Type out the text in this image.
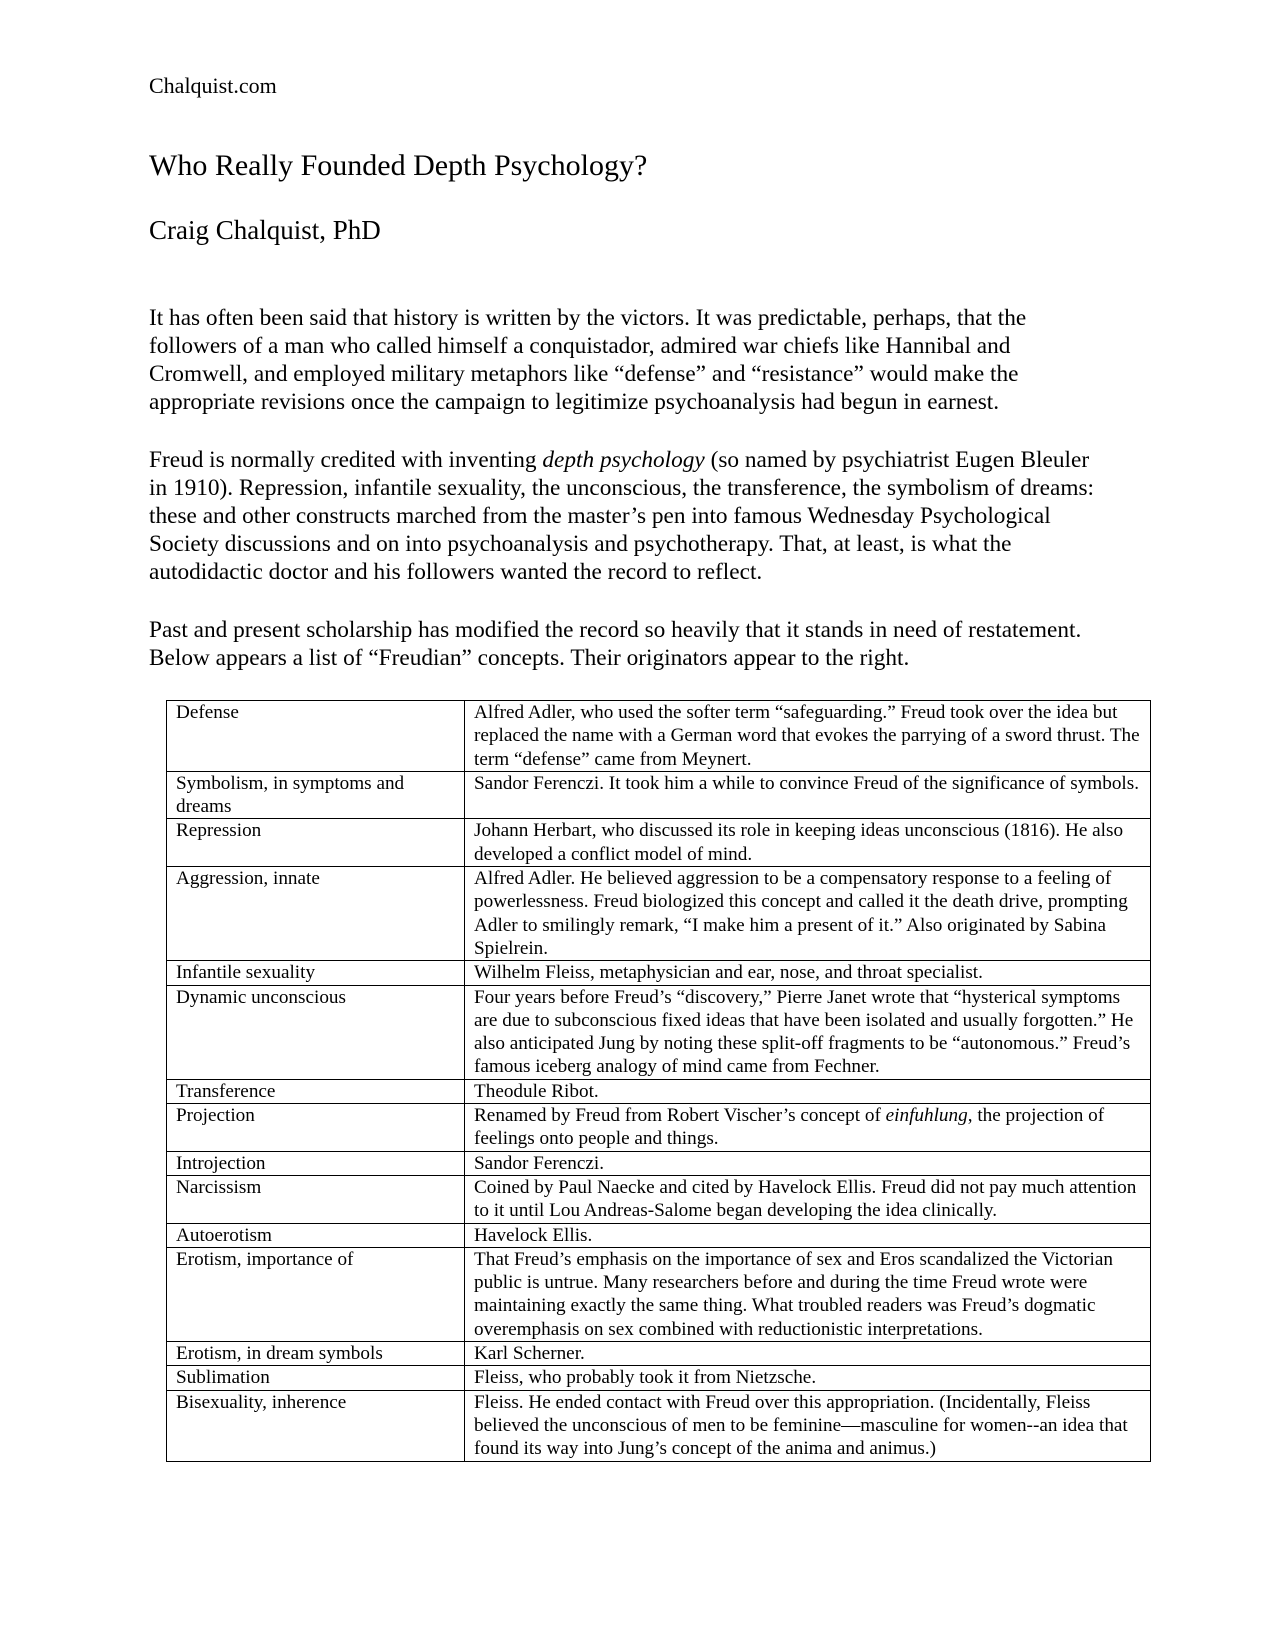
Chalquist.com

Who Really Founded Depth Psychology?

Craig Chalquist, PhD

It has often been said that history is written by the victors. It was predictable, perhaps, that the followers of a man who called himself a conquistador, admired war chiefs like Hannibal and Cromwell, and employed military metaphors like “defense” and “resistance” would make the appropriate revisions once the campaign to legitimize psychoanalysis had begun in earnest.

Freud is normally credited with inventing depth psychology (so named by psychiatrist Eugen Bleuler in 1910). Repression, infantile sexuality, the unconscious, the transference, the symbolism of dreams: these and other constructs marched from the master’s pen into famous Wednesday Psychological Society discussions and on into psychoanalysis and psychotherapy. That, at least, is what the autodidactic doctor and his followers wanted the record to reflect.

Past and present scholarship has modified the record so heavily that it stands in need of restatement. Below appears a list of “Freudian” concepts. Their originators appear to the right.

Defense	Alfred Adler, who used the softer term “safeguarding.” Freud took over the idea but replaced the name with a German word that evokes the parrying of a sword thrust. The term “defense” came from Meynert.
Symbolism, in symptoms and dreams	Sandor Ferenczi. It took him a while to convince Freud of the significance of symbols.
Repression	Johann Herbart, who discussed its role in keeping ideas unconscious (1816). He also developed a conflict model of mind.
Aggression, innate	Alfred Adler. He believed aggression to be a compensatory response to a feeling of powerlessness. Freud biologized this concept and called it the death drive, prompting Adler to smilingly remark, “I make him a present of it.” Also originated by Sabina Spielrein.
Infantile sexuality	Wilhelm Fleiss, metaphysician and ear, nose, and throat specialist.
Dynamic unconscious	Four years before Freud’s “discovery,” Pierre Janet wrote that “hysterical symptoms are due to subconscious fixed ideas that have been isolated and usually forgotten.” He also anticipated Jung by noting these split-off fragments to be “autonomous.” Freud’s famous iceberg analogy of mind came from Fechner.
Transference	Theodule Ribot.
Projection	Renamed by Freud from Robert Vischer’s concept of einfuhlung, the projection of feelings onto people and things.
Introjection	Sandor Ferenczi.
Narcissism	Coined by Paul Naecke and cited by Havelock Ellis. Freud did not pay much attention to it until Lou Andreas-Salome began developing the idea clinically.
Autoerotism	Havelock Ellis.
Erotism, importance of	That Freud’s emphasis on the importance of sex and Eros scandalized the Victorian public is untrue. Many researchers before and during the time Freud wrote were maintaining exactly the same thing. What troubled readers was Freud’s dogmatic overemphasis on sex combined with reductionistic interpretations.
Erotism, in dream symbols	Karl Scherner.
Sublimation	Fleiss, who probably took it from Nietzsche.
Bisexuality, inherence	Fleiss. He ended contact with Freud over this appropriation. (Incidentally, Fleiss believed the unconscious of men to be feminine—masculine for women--an idea that found its way into Jung’s concept of the anima and animus.)
